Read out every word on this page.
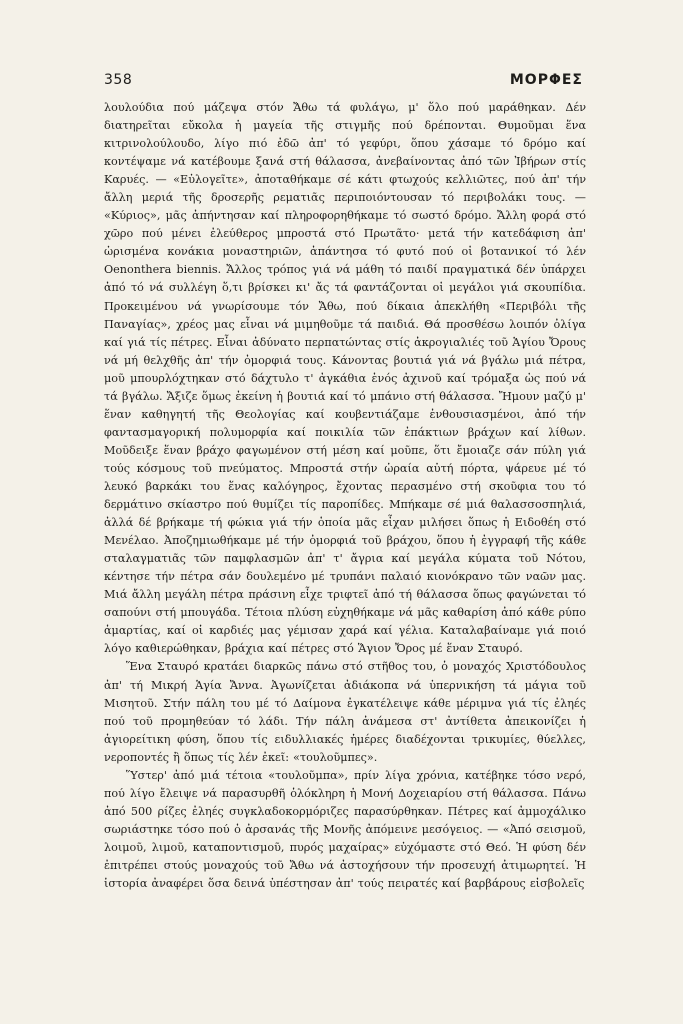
358	ΜΟΡΦΕΣ

λουλούδια πού μάζεψα στόν Ἄθω τά φυλάγω, μ' ὅλο πού μαράθηκαν. Δέν διατηρεῖται εὔκολα ἡ μαγεία τῆς στιγμῆς πού δρέπονται. Θυμοῦμαι ἕνα κιτρινολούλουδο, λίγο πιό ἐδῶ ἀπ' τό γεφύρι, ὅπου χάσαμε τό δρόμο καί κοντέψαμε νά κατέβουμε ξανά στή θάλασσα, ἀνεβαίνοντας ἀπό τῶν Ἰβήρων στίς Καρυές. — «Εὐλογεῖτε», ἀποταθήκαμε σέ κάτι φτωχούς κελλιῶτες, πού ἀπ' τήν ἄλλη μεριά τῆς δροσερῆς ρεματιᾶς περιποιόντουσαν τό περιβολάκι τους. — «Κύριος», μᾶς ἀπήντησαν καί πληροφορηθήκαμε τό σωστό δρόμο. Ἄλλη φορά στό χῶρο πού μένει ἐλεύθερος μπροστά στό Πρωτᾶτο· μετά τήν κατεδάφιση ἀπ' ὡρισμένα κονάκια μοναστηριῶν, ἀπάντησα τό φυτό πού οἱ βοτανικοί τό λέν Oenonthera biennis. Ἄλλος τρόπος γιά νά μάθη τό παιδί πραγματικά δέν ὑπάρχει ἀπό τό νά συλλέγη ὅ,τι βρίσκει κι' ἄς τά φαντάζονται οἱ μεγάλοι γιά σκουπίδια. Προκειμένου νά γνωρίσουμε τόν Ἄθω, πού δίκαια ἀπεκλήθη «Περιβόλι τῆς Παναγίας», χρέος μας εἶναι νά μιμηθοῦμε τά παιδιά. Θά προσθέσω λοιπόν ὀλίγα καί γιά τίς πέτρες. Εἶναι ἀδύνατο περπατώντας στίς ἀκρογιαλιές τοῦ Ἁγίου Ὄρους νά μή θελχθῆς ἀπ' τήν ὀμορφιά τους. Κάνοντας βουτιά γιά νά βγάλω μιά πέτρα, μοῦ μπουρλόχτηκαν στό δάχτυλο τ' ἀγκάθια ἑνός ἀχινοῦ καί τρόμαξα ὡς πού νά τά βγάλω. Ἄξιζε ὅμως ἐκείνη ἡ βουτιά καί τό μπάνιο στή θάλασσα. Ἤμουν μαζύ μ' ἕναν καθηγητή τῆς Θεολογίας καί κουβεντιάζαμε ἐνθουσιασμένοι, ἀπό τήν φαντασμαγορική πολυμορφία καί ποικιλία τῶν ἐπάκτιων βράχων καί λίθων. Μοῦδειξε ἕναν βράχο φαγωμένον στή μέση καί μοῦπε, ὅτι ἔμοιαζε σάν πύλη γιά τούς κόσμους τοῦ πνεύματος. Μπροστά στήν ὡραία αὐτή πόρτα, ψάρευε μέ τό λευκό βαρκάκι του ἕνας καλόγηρος, ἔχοντας περασμένο στή σκοῦφια του τό δερμάτινο σκίαστρο πού θυμίζει τίς παροπίδες. Μπήκαμε σέ μιά θαλασσοσπηλιά, ἀλλά δέ βρήκαμε τή φώκια γιά τήν ὁποία μᾶς εἶχαν μιλήσει ὅπως ἡ Ειδοθέη στό Μενέλαο. Ἀποζημιωθήκαμε μέ τήν ὀμορφιά τοῦ βράχου, ὅπου ἡ ἐγγραφή τῆς κάθε σταλαγματιᾶς τῶν παμφλασμῶν ἀπ' τ' ἄγρια καί μεγάλα κύματα τοῦ Νότου, κέντησε τήν πέτρα σάν δουλεμένο μέ τρυπάνι παλαιό κιονόκρανο τῶν ναῶν μας. Μιά ἄλλη μεγάλη πέτρα πράσινη εἶχε τριφτεῖ ἀπό τή θάλασσα ὅπως φαγώνεται τό σαπούνι στή μπουγάδα. Τέτοια πλύση εὐχηθήκαμε νά μᾶς καθαρίση ἀπό κάθε ρύπο ἁμαρτίας, καί οἱ καρδιές μας γέμισαν χαρά καί γέλια. Καταλαβαίναμε γιά ποιό λόγο καθιερώθηκαν, βράχια καί πέτρες στό Ἅγιον Ὄρος μέ ἕναν Σταυρό.

Ἕνα Σταυρό κρατάει διαρκῶς πάνω στό στῆθος του, ὁ μοναχός Χριστόδουλος ἀπ' τή Μικρή Ἁγία Ἄννα. Ἀγωνίζεται ἀδιάκοπα νά ὑπερνικήση τά μάγια τοῦ Μισητοῦ. Στήν πάλη του μέ τό Δαίμονα ἐγκατέλειψε κάθε μέριμνα γιά τίς ἐληές πού τοῦ προμηθεύαν τό λάδι. Τήν πάλη ἀνάμεσα στ' ἀντίθετα ἀπεικονίζει ἡ ἁγιορείτικη φύση, ὅπου τίς ειδυλλιακές ἡμέρες διαδέχονται τρικυμίες, θύελλες, νεροποντές ἢ ὅπως τίς λέν ἐκεῖ: «τουλοῦμπες».

Ὕστερ' ἀπό μιά τέτοια «τουλοῦμπα», πρίν λίγα χρόνια, κατέβηκε τόσο νερό, πού λίγο ἔλειψε νά παρασυρθῆ ὁλόκληρη ἡ Μονή Δοχειαρίου στή θάλασσα. Πάνω ἀπό 500 ρίζες ἐληές συγκλαδοκορμόριζες παρασύρθηκαν. Πέτρες καί ἀμμοχάλικο σωριάστηκε τόσο πού ὁ ἀρσανάς τῆς Μονῆς ἀπόμεινε μεσόγειος. — «Ἀπό σεισμοῦ, λοιμοῦ, λιμοῦ, καταποντισμοῦ, πυρός μαχαίρας» εὐχόμαστε στό Θεό. Ἡ φύση δέν ἐπιτρέπει στούς μοναχούς τοῦ Ἄθω νά ἀστοχήσουν τήν προσευχή ἀτιμωρητεί. Ἡ ἱστορία ἀναφέρει ὅσα δεινά ὑπέστησαν ἀπ' τούς πειρατές καί βαρβάρους εἰσβολεῖς
